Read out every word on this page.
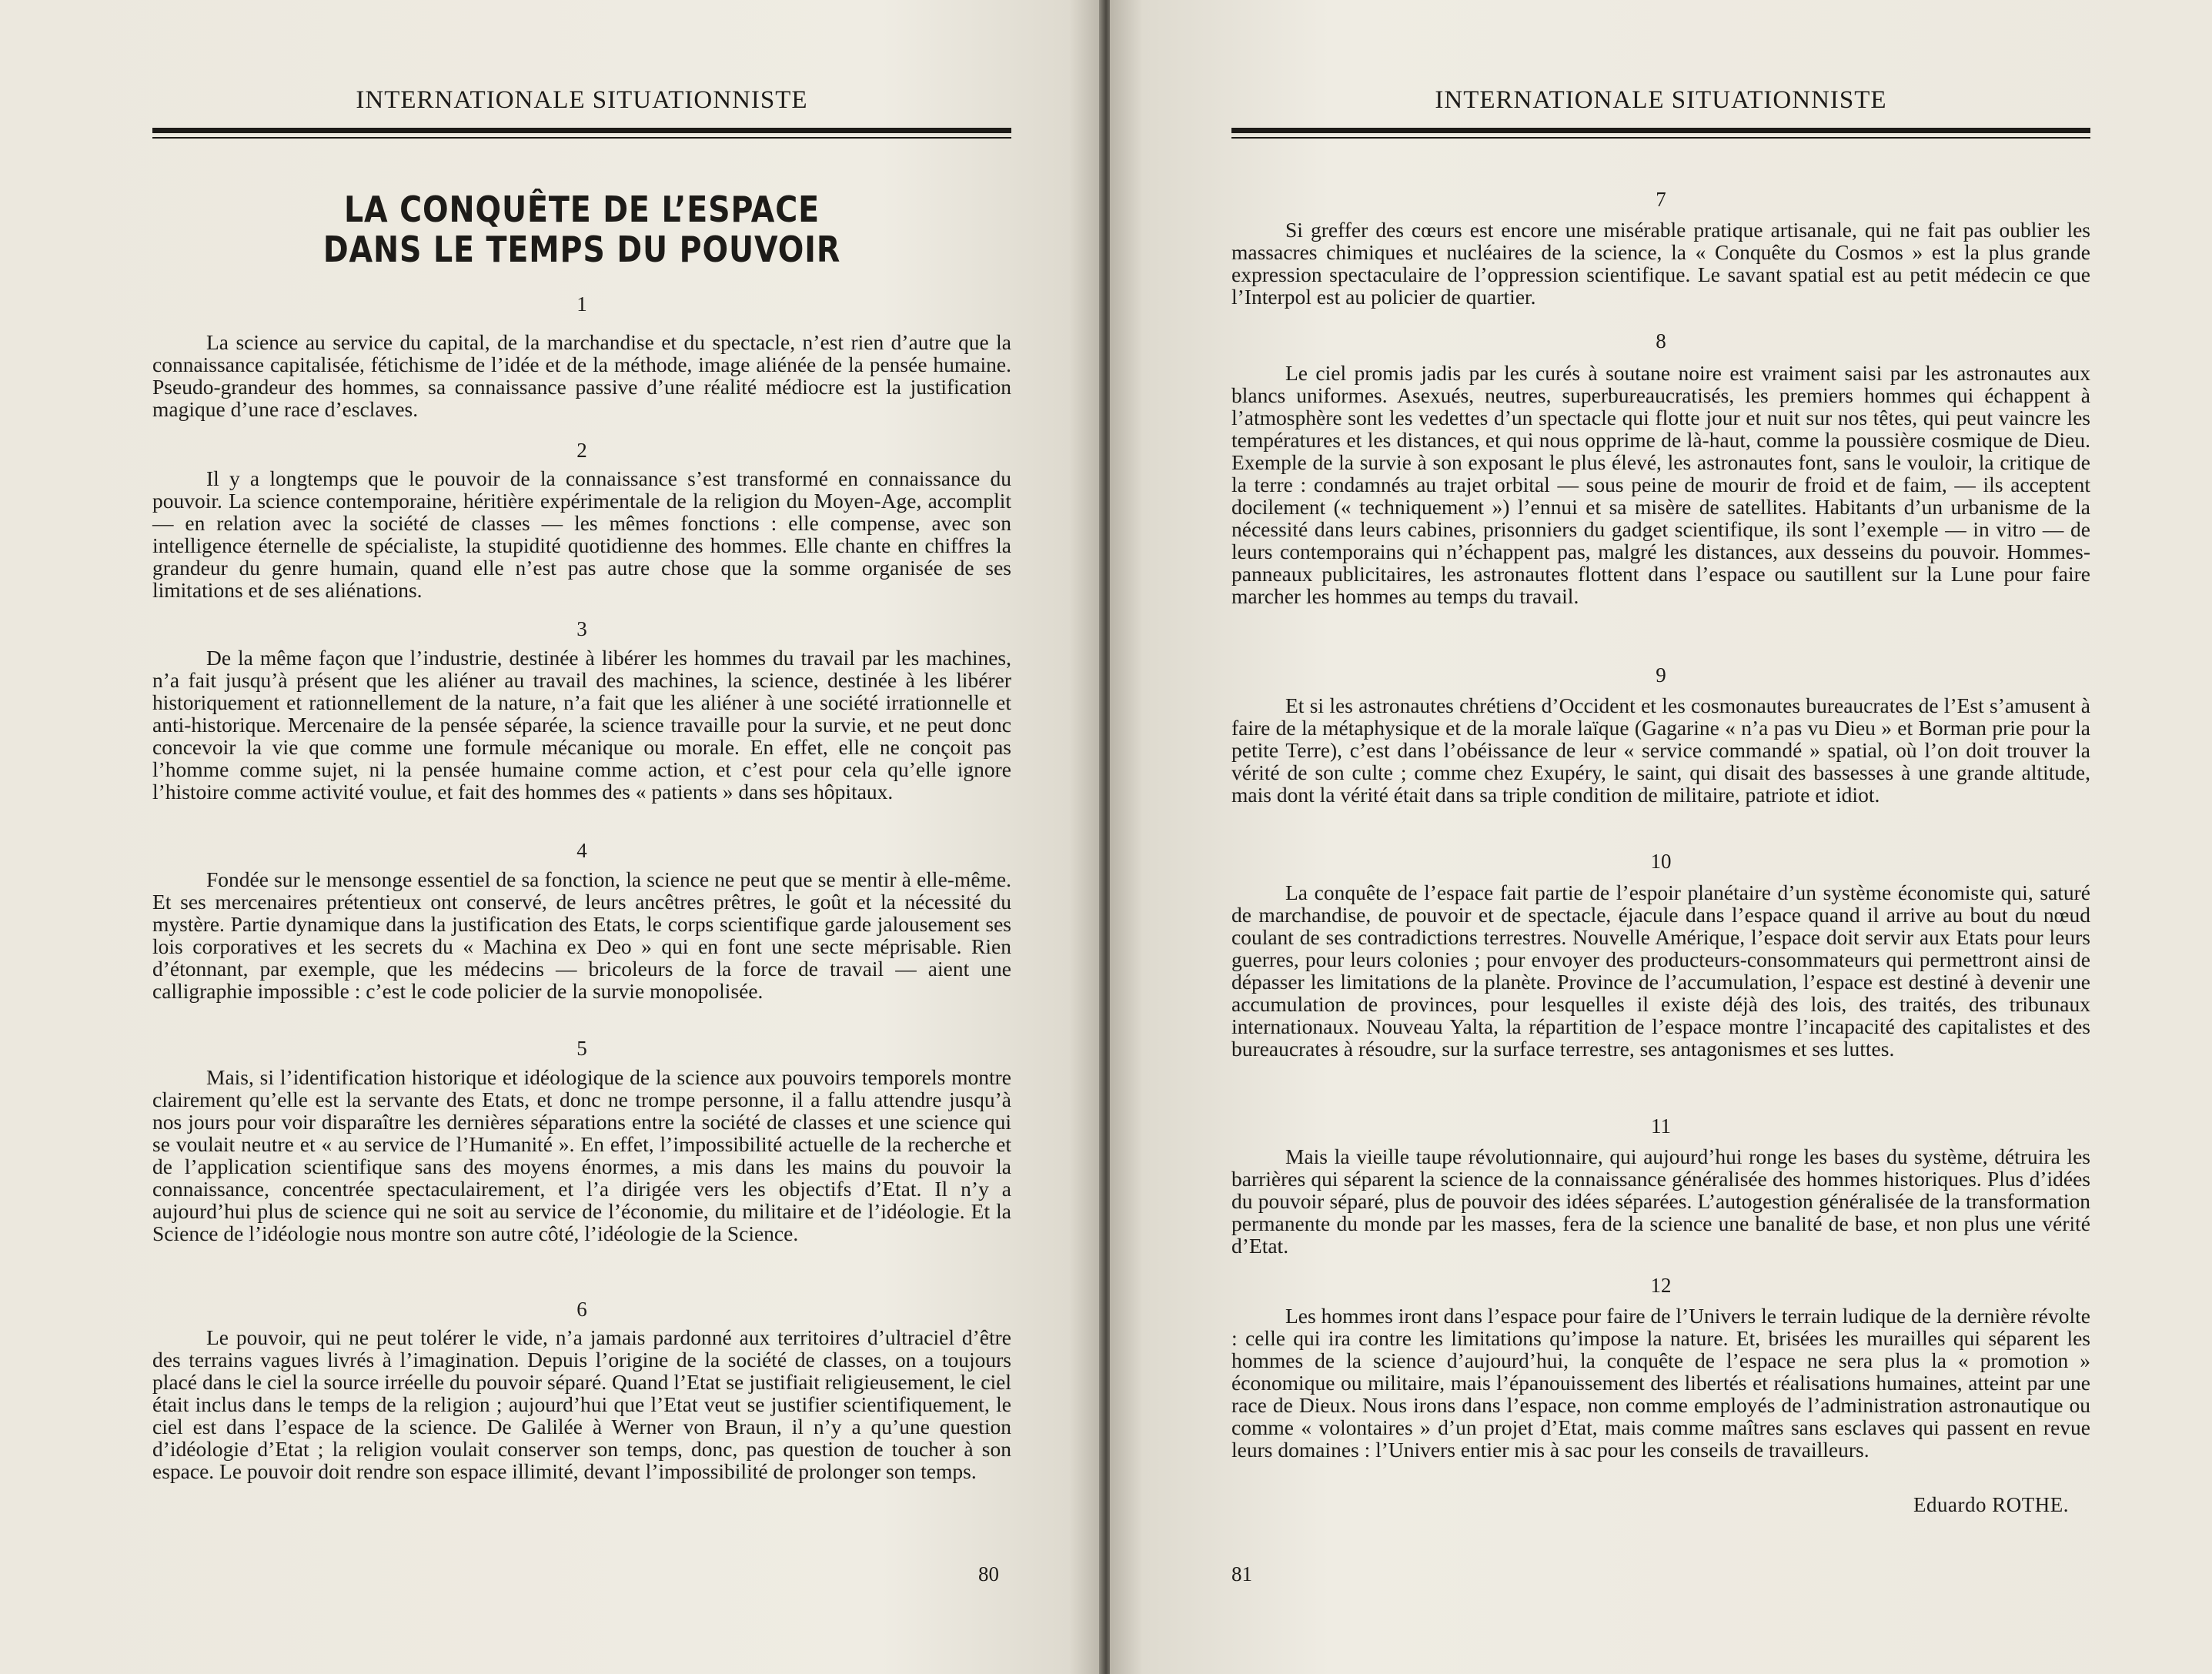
INTERNATIONALE SITUATIONNISTE
LA CONQUÊTE DE L’ESPACE
DANS LE TEMPS DU POUVOIR
1

La science au service du capital, de la marchandise et du spectacle, n’est rien d’autre que la connaissance capitalisée, fétichisme de l’idée et de la méthode, image aliénée de la pensée humaine. Pseudo-grandeur des hommes, sa connaissance passive d’une réalité médiocre est la justification magique d’une race d’esclaves.

2

Il y a longtemps que le pouvoir de la connaissance s’est transformé en connaissance du pouvoir. La science contemporaine, héritière expérimentale de la religion du Moyen-Age, accomplit — en relation avec la société de classes — les mêmes fonctions : elle compense, avec son intelligence éternelle de spécialiste, la stupidité quotidienne des hommes. Elle chante en chiffres la grandeur du genre humain, quand elle n’est pas autre chose que la somme organisée de ses limitations et de ses aliénations.

3

De la même façon que l’industrie, destinée à libérer les hommes du travail par les machines, n’a fait jusqu’à présent que les aliéner au travail des machines, la science, destinée à les libérer historiquement et rationnellement de la nature, n’a fait que les aliéner à une société irrationnelle et anti-historique. Mercenaire de la pensée séparée, la science travaille pour la survie, et ne peut donc concevoir la vie que comme une formule mécanique ou morale. En effet, elle ne conçoit pas l’homme comme sujet, ni la pensée humaine comme action, et c’est pour cela qu’elle ignore l’histoire comme activité voulue, et fait des hommes des « patients » dans ses hôpitaux.

4

Fondée sur le mensonge essentiel de sa fonction, la science ne peut que se mentir à elle-même. Et ses mercenaires prétentieux ont conservé, de leurs ancêtres prêtres, le goût et la nécessité du mystère. Partie dynamique dans la justification des Etats, le corps scientifique garde jalousement ses lois corporatives et les secrets du « Machina ex Deo » qui en font une secte méprisable. Rien d’étonnant, par exemple, que les médecins — bricoleurs de la force de travail — aient une calligraphie impossible : c’est le code policier de la survie monopolisée.

5

Mais, si l’identification historique et idéologique de la science aux pouvoirs temporels montre clairement qu’elle est la servante des Etats, et donc ne trompe personne, il a fallu attendre jusqu’à nos jours pour voir disparaître les dernières séparations entre la société de classes et une science qui se voulait neutre et « au service de l’Humanité ». En effet, l’impossibilité actuelle de la recherche et de l’application scientifique sans des moyens énormes, a mis dans les mains du pouvoir la connaissance, concentrée spectaculairement, et l’a dirigée vers les objectifs d’Etat. Il n’y a aujourd’hui plus de science qui ne soit au service de l’économie, du militaire et de l’idéologie. Et la Science de l’idéologie nous montre son autre côté, l’idéologie de la Science.

6

Le pouvoir, qui ne peut tolérer le vide, n’a jamais pardonné aux territoires d’ultraciel d’être des terrains vagues livrés à l’imagination. Depuis l’origine de la société de classes, on a toujours placé dans le ciel la source irréelle du pouvoir séparé. Quand l’Etat se justifiait religieusement, le ciel était inclus dans le temps de la religion ; aujourd’hui que l’Etat veut se justifier scientifiquement, le ciel est dans l’espace de la science. De Galilée à Werner von Braun, il n’y a qu’une question d’idéologie d’Etat ; la religion voulait conserver son temps, donc, pas question de toucher à son espace. Le pouvoir doit rendre son espace illimité, devant l’impossibilité de prolonger son temps.

80
INTERNATIONALE SITUATIONNISTE
7

Si greffer des cœurs est encore une misérable pratique artisanale, qui ne fait pas oublier les massacres chimiques et nucléaires de la science, la « Conquête du Cosmos » est la plus grande expression spectaculaire de l’oppression scientifique. Le savant spatial est au petit médecin ce que l’Interpol est au policier de quartier.

8

Le ciel promis jadis par les curés à soutane noire est vraiment saisi par les astronautes aux blancs uniformes. Asexués, neutres, superbureaucratisés, les premiers hommes qui échappent à l’atmosphère sont les vedettes d’un spectacle qui flotte jour et nuit sur nos têtes, qui peut vaincre les températures et les distances, et qui nous opprime de là-haut, comme la poussière cosmique de Dieu. Exemple de la survie à son exposant le plus élevé, les astronautes font, sans le vouloir, la critique de la terre : condamnés au trajet orbital — sous peine de mourir de froid et de faim, — ils acceptent docilement (« techniquement ») l’ennui et sa misère de satellites. Habitants d’un urbanisme de la nécessité dans leurs cabines, prisonniers du gadget scientifique, ils sont l’exemple — in vitro — de leurs contemporains qui n’échappent pas, malgré les distances, aux desseins du pouvoir. Hommes-panneaux publicitaires, les astronautes flottent dans l’espace ou sautillent sur la Lune pour faire marcher les hommes au temps du travail.

9

Et si les astronautes chrétiens d’Occident et les cosmonautes bureaucrates de l’Est s’amusent à faire de la métaphysique et de la morale laïque (Gagarine « n’a pas vu Dieu » et Borman prie pour la petite Terre), c’est dans l’obéissance de leur « service commandé » spatial, où l’on doit trouver la vérité de son culte ; comme chez Exupéry, le saint, qui disait des bassesses à une grande altitude, mais dont la vérité était dans sa triple condition de militaire, patriote et idiot.

10

La conquête de l’espace fait partie de l’espoir planétaire d’un système économiste qui, saturé de marchandise, de pouvoir et de spectacle, éjacule dans l’espace quand il arrive au bout du nœud coulant de ses contradictions terrestres. Nouvelle Amérique, l’espace doit servir aux Etats pour leurs guerres, pour leurs colonies ; pour envoyer des producteurs-consommateurs qui permettront ainsi de dépasser les limitations de la planète. Province de l’accumulation, l’espace est destiné à devenir une accumulation de provinces, pour lesquelles il existe déjà des lois, des traités, des tribunaux internationaux. Nouveau Yalta, la répartition de l’espace montre l’incapacité des capitalistes et des bureaucrates à résoudre, sur la surface terrestre, ses antagonismes et ses luttes.

11

Mais la vieille taupe révolutionnaire, qui aujourd’hui ronge les bases du système, détruira les barrières qui séparent la science de la connaissance généralisée des hommes historiques. Plus d’idées du pouvoir séparé, plus de pouvoir des idées séparées. L’autogestion généralisée de la transformation permanente du monde par les masses, fera de la science une banalité de base, et non plus une vérité d’Etat.

12

Les hommes iront dans l’espace pour faire de l’Univers le terrain ludique de la dernière révolte : celle qui ira contre les limitations qu’impose la nature. Et, brisées les murailles qui séparent les hommes de la science d’aujourd’hui, la conquête de l’espace ne sera plus la « promotion » économique ou militaire, mais l’épanouissement des libertés et réalisations humaines, atteint par une race de Dieux. Nous irons dans l’espace, non comme employés de l’administration astronautique ou comme « volontaires » d’un projet d’Etat, mais comme maîtres sans esclaves qui passent en revue leurs domaines : l’Univers entier mis à sac pour les conseils de travailleurs.

Eduardo ROTHE.
81
